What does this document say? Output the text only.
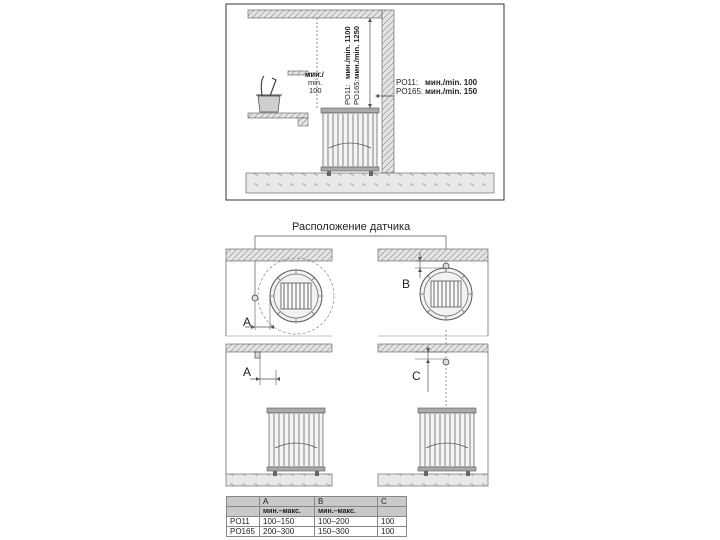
мин./
min.
100	PO11:
мин./min. 1100
PO165:
мин./min. 1250
PO11: мин./min. 100
PO165: мин./min. 150
Расположение датчика
A
B
A	C
	A	B	C
	мин.–макс.	мин.–макс.	
PO11	100–150	100–200	100
PO165	200–300	150–300	100
